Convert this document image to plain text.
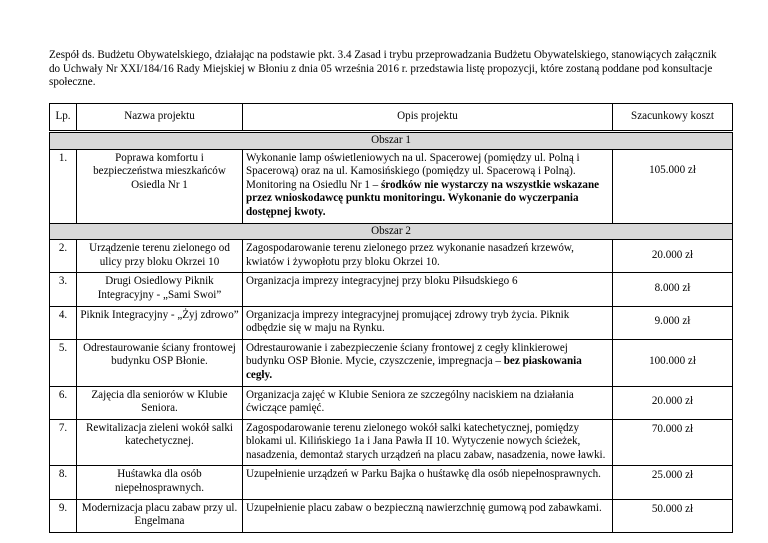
Zespół ds. Budżetu Obywatelskiego, działając na podstawie pkt. 3.4 Zasad i trybu przeprowadzania Budżetu Obywatelskiego, stanowiących załącznik do Uchwały Nr XXI/184/16 Rady Miejskiej w Błoniu z dnia 05 września 2016 r. przedstawia listę propozycji, które zostaną poddane pod konsultacje społeczne.

Lp.	Nazwa projektu	Opis projektu	Szacunkowy koszt
Obszar 1			
1.	Poprawa komfortu i bezpieczeństwa mieszkańców Osiedla Nr 1	Wykonanie lamp oświetleniowych na ul. Spacerowej (pomiędzy ul. Polną i Spacerową) oraz na ul. Kamosińskiego (pomiędzy ul. Spacerową i Polną). Monitoring na Osiedlu Nr 1 – środków nie wystarczy na wszystkie wskazane przez wnioskodawcę punktu monitoringu. Wykonanie do wyczerpania dostępnej kwoty.	105.000 zł
Obszar 2			
2.	Urządzenie terenu zielonego od ulicy przy bloku Okrzei 10	Zagospodarowanie terenu zielonego przez wykonanie nasadzeń krzewów, kwiatów i żywopłotu przy bloku Okrzei 10.	20.000 zł
3.	Drugi Osiedlowy Piknik Integracyjny - „Sami Swoi”	Organizacja imprezy integracyjnej przy bloku Piłsudskiego 6	8.000 zł
4.	Piknik Integracyjny - „Żyj zdrowo”	Organizacja imprezy integracyjnej promującej zdrowy tryb życia. Piknik odbędzie się w maju na Rynku.	9.000 zł
5.	Odrestaurowanie ściany frontowej budynku OSP Błonie.	Odrestaurowanie i zabezpieczenie ściany frontowej z cegły klinkierowej budynku OSP Błonie. Mycie, czyszczenie, impregnacja – bez piaskowania cegły.	100.000 zł
6.	Zajęcia dla seniorów w Klubie Seniora.	Organizacja zajęć w Klubie Seniora ze szczególny naciskiem na działania ćwiczące pamięć.	20.000 zł
7.	Rewitalizacja zieleni wokół salki katechetycznej.	Zagospodarowanie terenu zielonego wokół salki katechetycznej, pomiędzy blokami ul. Kilińskiego 1a i Jana Pawła II 10. Wytyczenie nowych ścieżek, nasadzenia, demontaż starych urządzeń na placu zabaw, nasadzenia, nowe ławki.	70.000 zł
8.	Huśtawka dla osób niepełnosprawnych.	Uzupełnienie urządzeń w Parku Bajka o huśtawkę dla osób niepełnosprawnych.	25.000 zł
9.	Modernizacja placu zabaw przy ul. Engelmana	Uzupełnienie placu zabaw o bezpieczną nawierzchnię gumową pod zabawkami.	50.000 zł
